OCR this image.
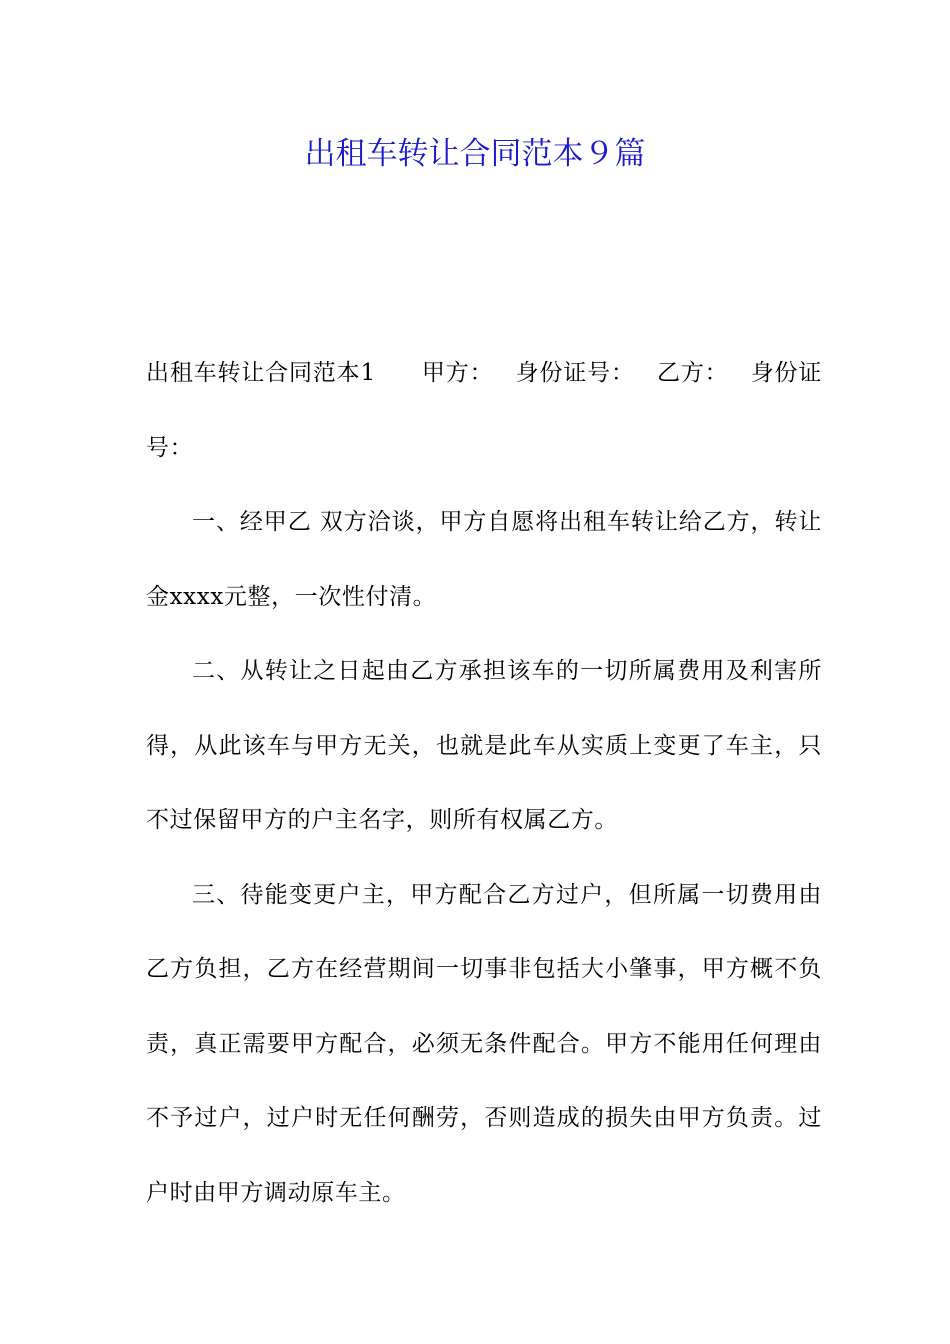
出租车转让合同范本９篇

出租车转让合同范本1 甲方： 身份证号： 乙方： 身份证号：

一、经甲乙 双方洽谈，甲方自愿将出租车转让给乙方，转让金xxxx元整，一次性付清。

二、从转让之日起由乙方承担该车的一切所属费用及利害所得，从此该车与甲方无关，也就是此车从实质上变更了车主，只不过保留甲方的户主名字，则所有权属乙方。

三、待能变更户主，甲方配合乙方过户，但所属一切费用由乙方负担，乙方在经营期间一切事非包括大小肇事，甲方概不负责，真正需要甲方配合，必须无条件配合。甲方不能用任何理由不予过户，过户时无任何酬劳，否则造成的损失由甲方负责。过户时由甲方调动原车主。
